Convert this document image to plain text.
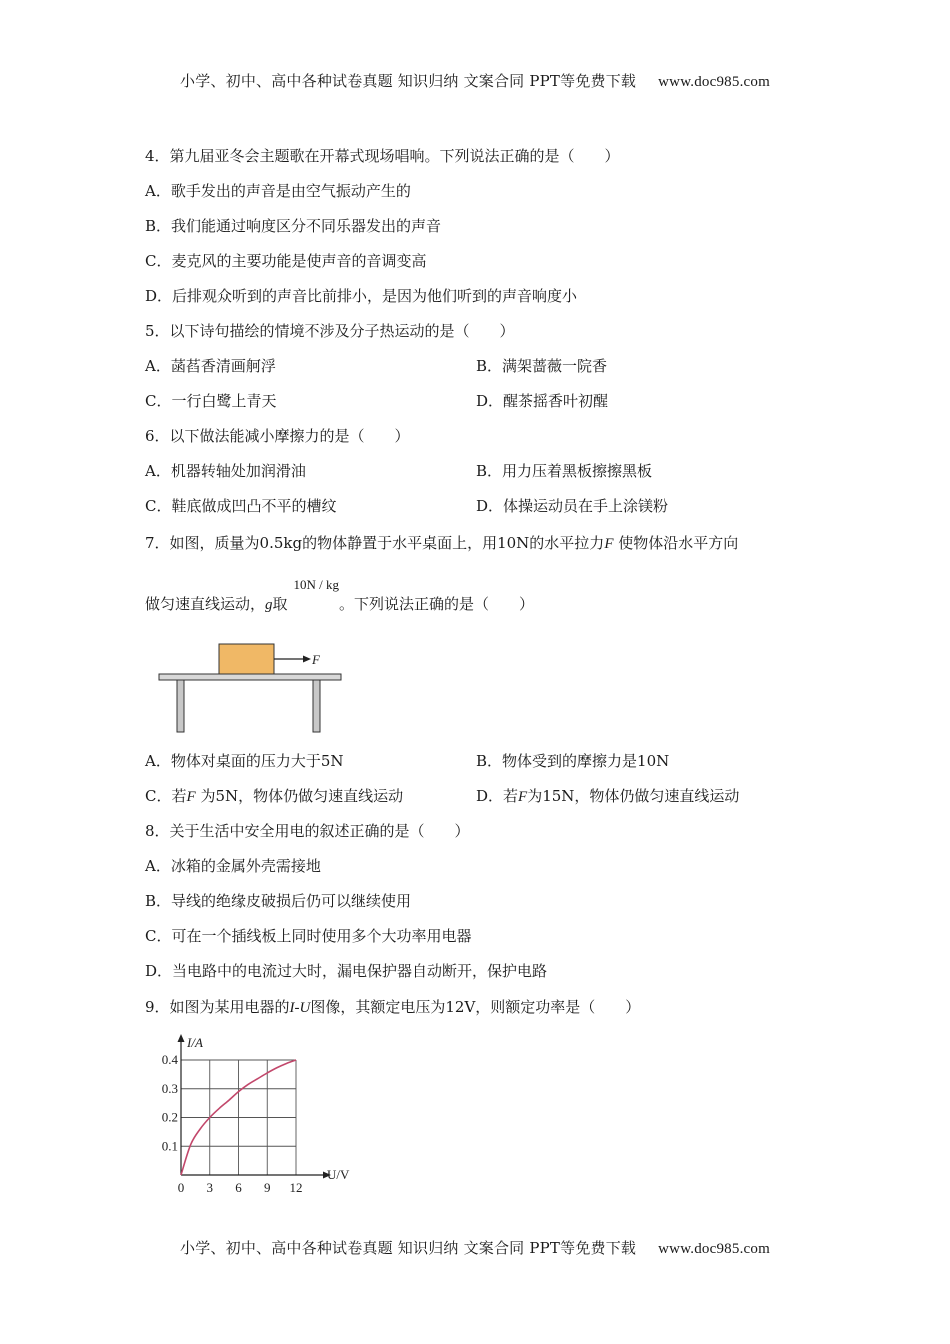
小学、初中、高中各种试卷真题 知识归纳 文案合同 PPT等免费下载 www.doc985.com
4．第九届亚冬会主题歌在开幕式现场唱响。下列说法正确的是（　　）
A．歌手发出的声音是由空气振动产生的
B．我们能通过响度区分不同乐器发出的声音
C．麦克风的主要功能是使声音的音调变高
D．后排观众听到的声音比前排小，是因为他们听到的声音响度小
5．以下诗句描绘的情境不涉及分子热运动的是（　　）
A．菡萏香清画舸浮	B．满架蔷薇一院香
C．一行白鹭上青天	D．醒茶摇香叶初醒
6．以下做法能减小摩擦力的是（　　）
A．机器转轴处加润滑油	B．用力压着黑板擦擦黑板
C．鞋底做成凹凸不平的槽纹	D．体操运动员在手上涂镁粉
7．如图，质量为0.5kg的物体静置于水平桌面上，用10N的水平拉力F 使物体沿水平方向
做匀速直线运动，g取10N / kg。下列说法正确的是（　　）
F
A．物体对桌面的压力大于5N	B．物体受到的摩擦力是10N
C．若F 为5N，物体仍做匀速直线运动	D．若F为15N，物体仍做匀速直线运动
8．关于生活中安全用电的叙述正确的是（　　）
A．冰箱的金属外壳需接地
B．导线的绝缘皮破损后仍可以继续使用
C．可在一个插线板上同时使用多个大功率用电器
D．当电路中的电流过大时，漏电保护器自动断开，保护电路
9．如图为某用电器的I-U图像，其额定电压为12V，则额定功率是（　　）
0 3 6 9 12
0.1
0.2
0.3
0.4
I/A
U/V
小学、初中、高中各种试卷真题 知识归纳 文案合同 PPT等免费下载 www.doc985.com
